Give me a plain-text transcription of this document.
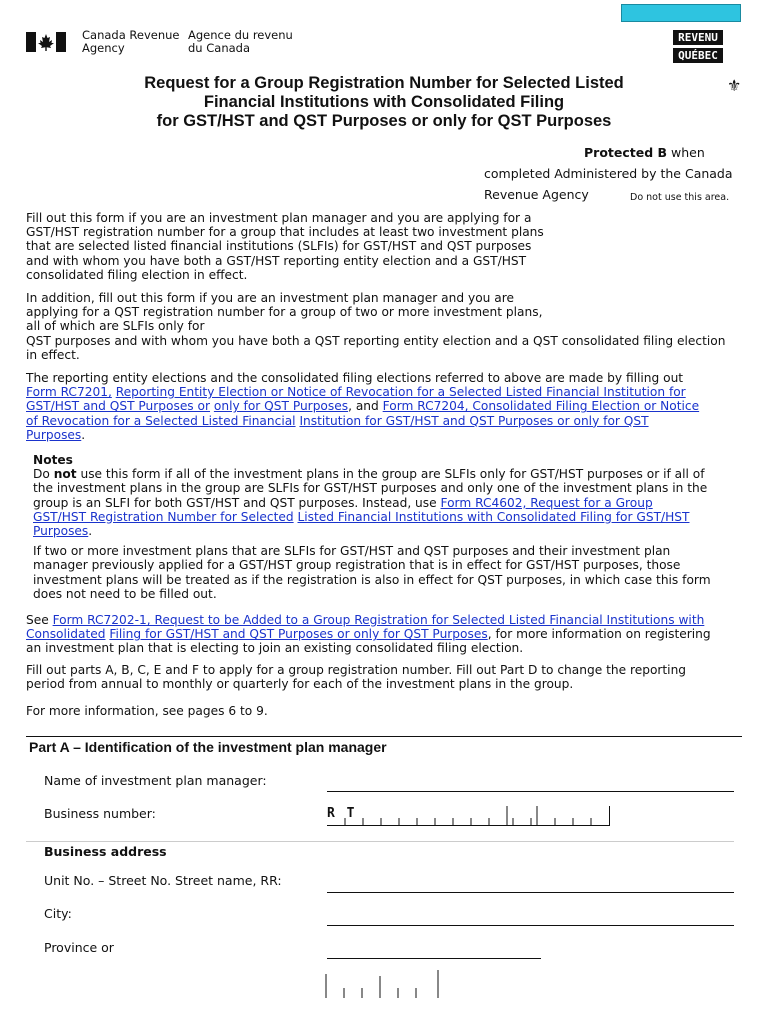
Canada Revenue
Agency
Agence du revenu
du Canada
REVENU
QUÉBEC
⚜
Request for a Group Registration Number for Selected Listed
Financial Institutions with Consolidated Filing
for GST/HST and QST Purposes or only for QST Purposes
Protected B when
completed Administered by the Canada
Revenue Agency	Do not use this area.
Fill out this form if you are an investment plan manager and you are applying for a
GST/HST registration number for a group that includes at least two investment plans
that are selected listed financial institutions (SLFIs) for GST/HST and QST purposes
and with whom you have both a GST/HST reporting entity election and a GST/HST
consolidated filing election in effect.
In addition, fill out this form if you are an investment plan manager and you are
applying for a QST registration number for a group of two or more investment plans,
all of which are SLFIs only for
QST purposes and with whom you have both a QST reporting entity election and a QST consolidated filing election
in effect.
The reporting entity elections and the consolidated filing elections referred to above are made by filling out
Form RC7201, Reporting Entity Election or Notice of Revocation for a Selected Listed Financial Institution for
GST/HST and QST Purposes or only for QST Purposes, and Form RC7204, Consolidated Filing Election or Notice
of Revocation for a Selected Listed Financial Institution for GST/HST and QST Purposes or only for QST
Purposes.
Notes
Do not use this form if all of the investment plans in the group are SLFIs only for GST/HST purposes or if all of
the investment plans in the group are SLFIs for GST/HST purposes and only one of the investment plans in the
group is an SLFI for both GST/HST and QST purposes. Instead, use Form RC4602, Request for a Group
GST/HST Registration Number for Selected Listed Financial Institutions with Consolidated Filing for GST/HST
Purposes.
If two or more investment plans that are SLFIs for GST/HST and QST purposes and their investment plan
manager previously applied for a GST/HST group registration that is in effect for GST/HST purposes, those
investment plans will be treated as if the registration is also in effect for QST purposes, in which case this form
does not need to be filled out.
See Form RC7202-1, Request to be Added to a Group Registration for Selected Listed Financial Institutions with
Consolidated Filing for GST/HST and QST Purposes or only for QST Purposes, for more information on registering
an investment plan that is electing to join an existing consolidated filing election.
Fill out parts A, B, C, E and F to apply for a group registration number. Fill out Part D to change the reporting
period from annual to monthly or quarterly for each of the investment plans in the group.
For more information, see pages 6 to 9.
Part A – Identification of the investment plan manager
Name of investment plan manager:
Business number:	R T
Business address
Unit No. – Street No. Street name, RR:
City:
Province or
